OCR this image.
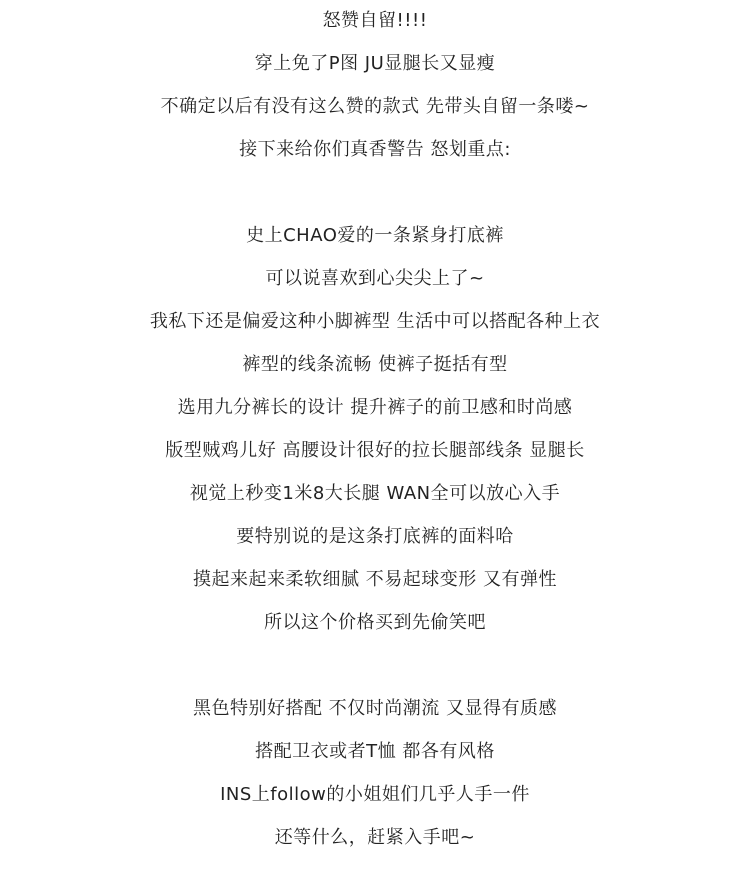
怒赞自留!!!!
穿上免了P图 JU显腿长又显瘦
不确定以后有没有这么赞的款式 先带头自留一条喽~
接下来给你们真香警告 怒划重点:
史上CHAO爱的一条紧身打底裤
可以说喜欢到心尖尖上了~
我私下还是偏爱这种小脚裤型 生活中可以搭配各种上衣
裤型的线条流畅 使裤子挺括有型
选用九分裤长的设计 提升裤子的前卫感和时尚感
版型贼鸡儿好 高腰设计很好的拉长腿部线条 显腿长
视觉上秒变1米8大长腿 WAN全可以放心入手
要特别说的是这条打底裤的面料哈
摸起来起来柔软细腻 不易起球变形 又有弹性
所以这个价格买到先偷笑吧
黑色特别好搭配 不仅时尚潮流 又显得有质感
搭配卫衣或者T恤 都各有风格
INS上follow的小姐姐们几乎人手一件
还等什么，赶紧入手吧~
